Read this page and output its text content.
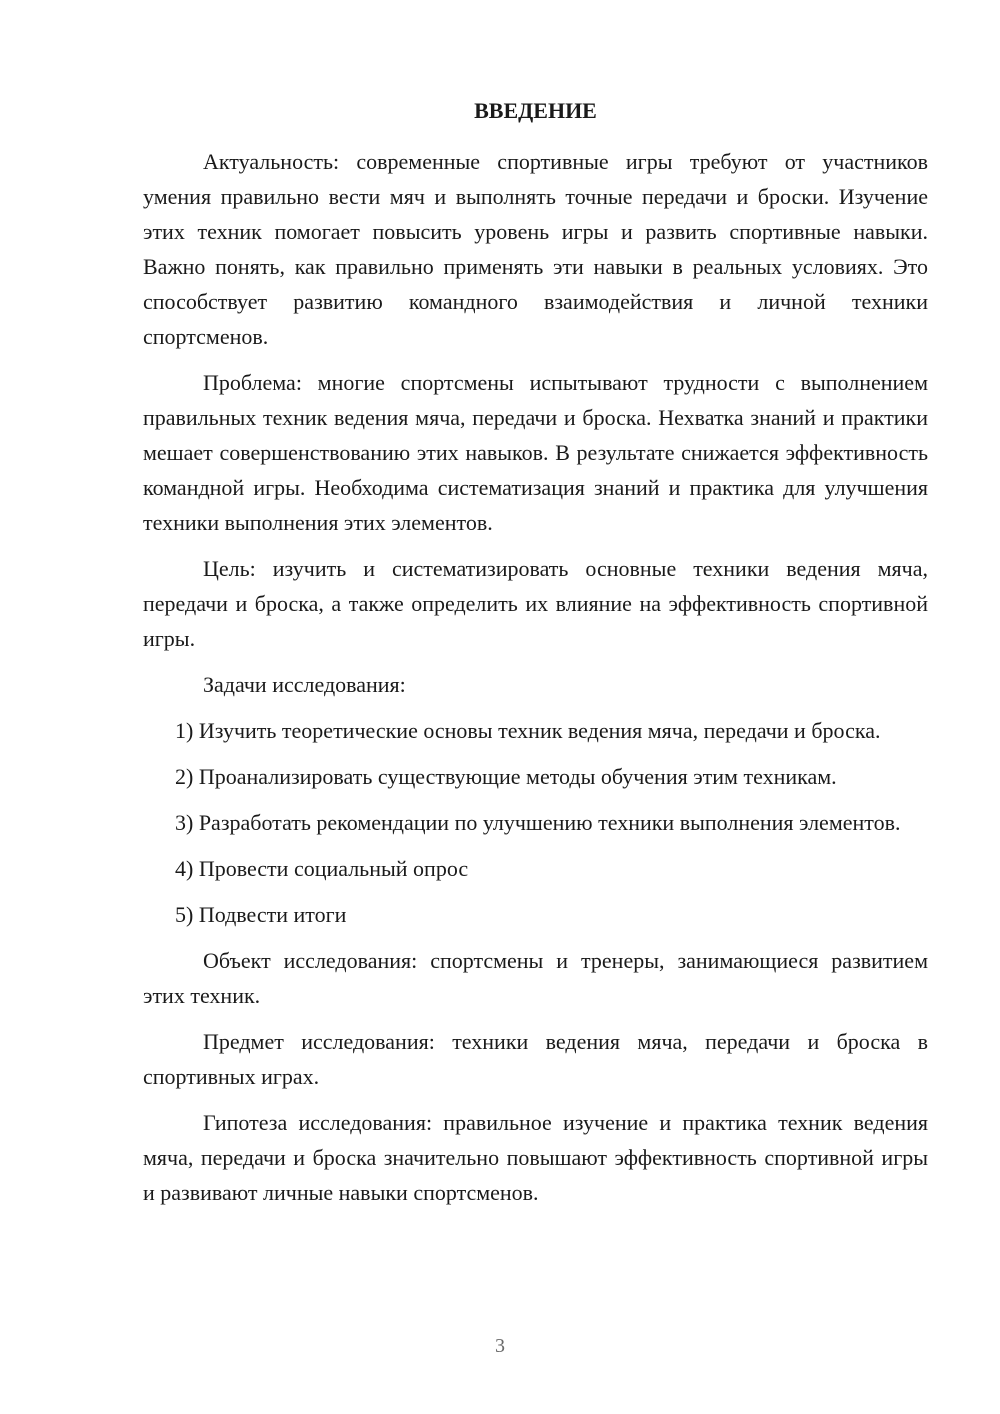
ВВЕДЕНИЕ

Актуальность: современные спортивные игры требуют от участников умения правильно вести мяч и выполнять точные передачи и броски. Изучение этих техник помогает повысить уровень игры и развить спортивные навыки. Важно понять, как правильно применять эти навыки в реальных условиях. Это способствует развитию командного взаимодействия и личной техники спортсменов.

Проблема: многие спортсмены испытывают трудности с выполнением правильных техник ведения мяча, передачи и броска. Нехватка знаний и практики мешает совершенствованию этих навыков. В результате снижается эффективность командной игры. Необходима систематизация знаний и практика для улучшения техники выполнения этих элементов.

Цель: изучить и систематизировать основные техники ведения мяча, передачи и броска, а также определить их влияние на эффективность спортивной игры.

Задачи исследования:

1) Изучить теоретические основы техник ведения мяча, передачи и броска.

2) Проанализировать существующие методы обучения этим техникам.

3) Разработать рекомендации по улучшению техники выполнения элементов.

4) Провести социальный опрос

5) Подвести итоги

Объект исследования: спортсмены и тренеры, занимающиеся развитием этих техник.

Предмет исследования: техники ведения мяча, передачи и броска в спортивных играх.

Гипотеза исследования: правильное изучение и практика техник ведения мяча, передачи и броска значительно повышают эффективность спортивной игры и развивают личные навыки спортсменов.

3
